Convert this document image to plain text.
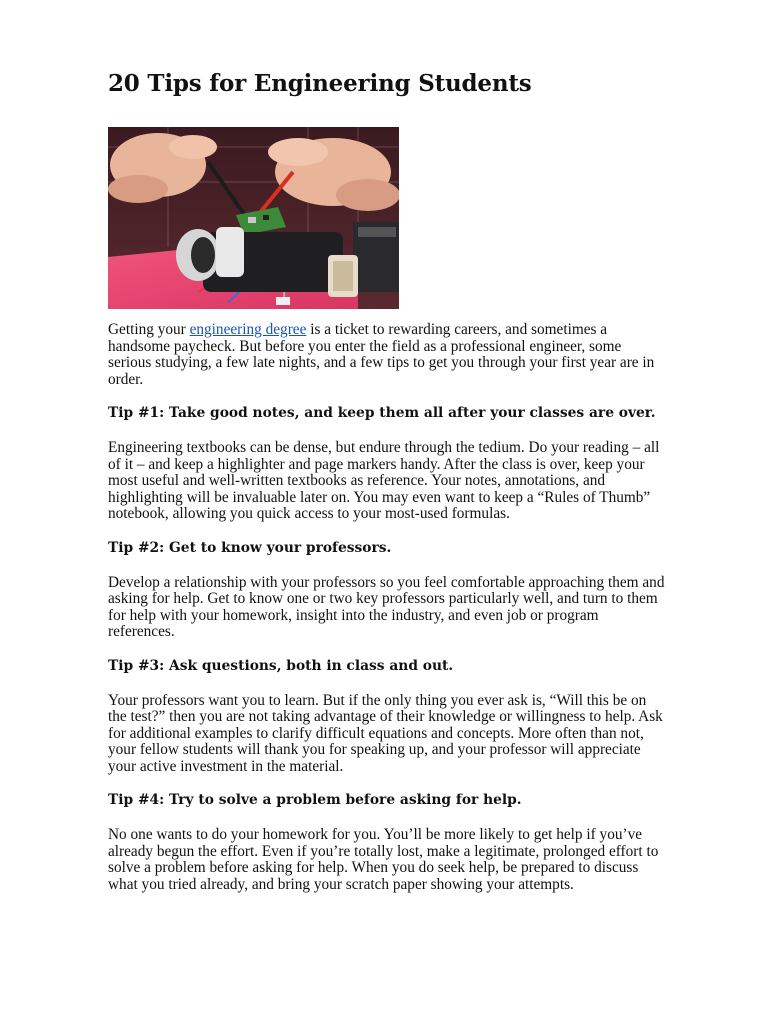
20 Tips for Engineering Students

Getting your engineering degree is a ticket to rewarding careers, and sometimes a handsome paycheck. But before you enter the field as a professional engineer, some serious studying, a few late nights, and a few tips to get you through your first year are in order.

Tip #1: Take good notes, and keep them all after your classes are over.

Engineering textbooks can be dense, but endure through the tedium. Do your reading – all of it – and keep a highlighter and page markers handy. After the class is over, keep your most useful and well-written textbooks as reference. Your notes, annotations, and highlighting will be invaluable later on. You may even want to keep a “Rules of Thumb” notebook, allowing you quick access to your most-used formulas.

Tip #2: Get to know your professors.

Develop a relationship with your professors so you feel comfortable approaching them and asking for help. Get to know one or two key professors particularly well, and turn to them for help with your homework, insight into the industry, and even job or program references.

Tip #3: Ask questions, both in class and out.

Your professors want you to learn. But if the only thing you ever ask is, “Will this be on the test?” then you are not taking advantage of their knowledge or willingness to help. Ask for additional examples to clarify difficult equations and concepts. More often than not, your fellow students will thank you for speaking up, and your professor will appreciate your active investment in the material.

Tip #4: Try to solve a problem before asking for help.

No one wants to do your homework for you. You’ll be more likely to get help if you’ve already begun the effort. Even if you’re totally lost, make a legitimate, prolonged effort to solve a problem before asking for help. When you do seek help, be prepared to discuss what you tried already, and bring your scratch paper showing your attempts.
